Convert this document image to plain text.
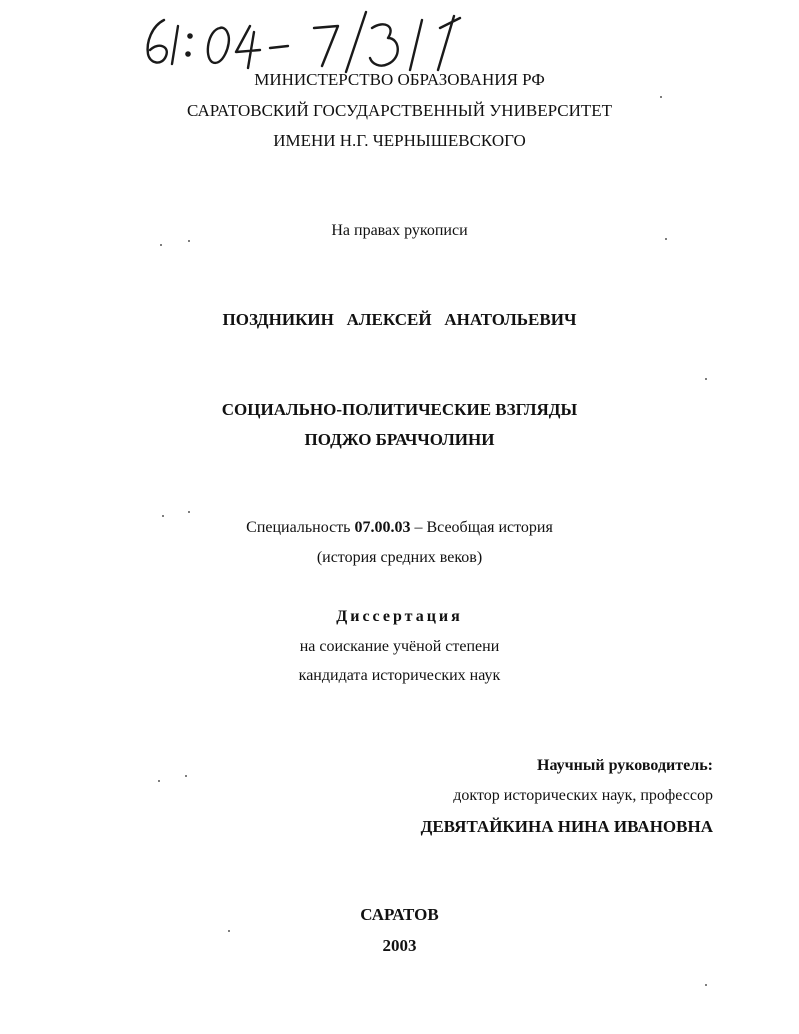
МИНИСТЕРСТВО ОБРАЗОВАНИЯ РФ
САРАТОВСКИЙ ГОСУДАРСТВЕННЫЙ УНИВЕРСИТЕТ
ИМЕНИ Н.Г. ЧЕРНЫШЕВСКОГО
На правах рукописи
ПОЗДНИКИН   АЛЕКСЕЙ   АНАТОЛЬЕВИЧ
СОЦИАЛЬНО-ПОЛИТИЧЕСКИЕ ВЗГЛЯДЫ
ПОДЖО БРАЧЧОЛИНИ
Специальность 07.00.03 – Всеобщая история
(история средних веков)
Диссертация
на соискание учёной степени
кандидата исторических наук
Научный руководитель:
доктор исторических наук, профессор
ДЕВЯТАЙКИНА НИНА ИВАНОВНА
САРАТОВ
2003
